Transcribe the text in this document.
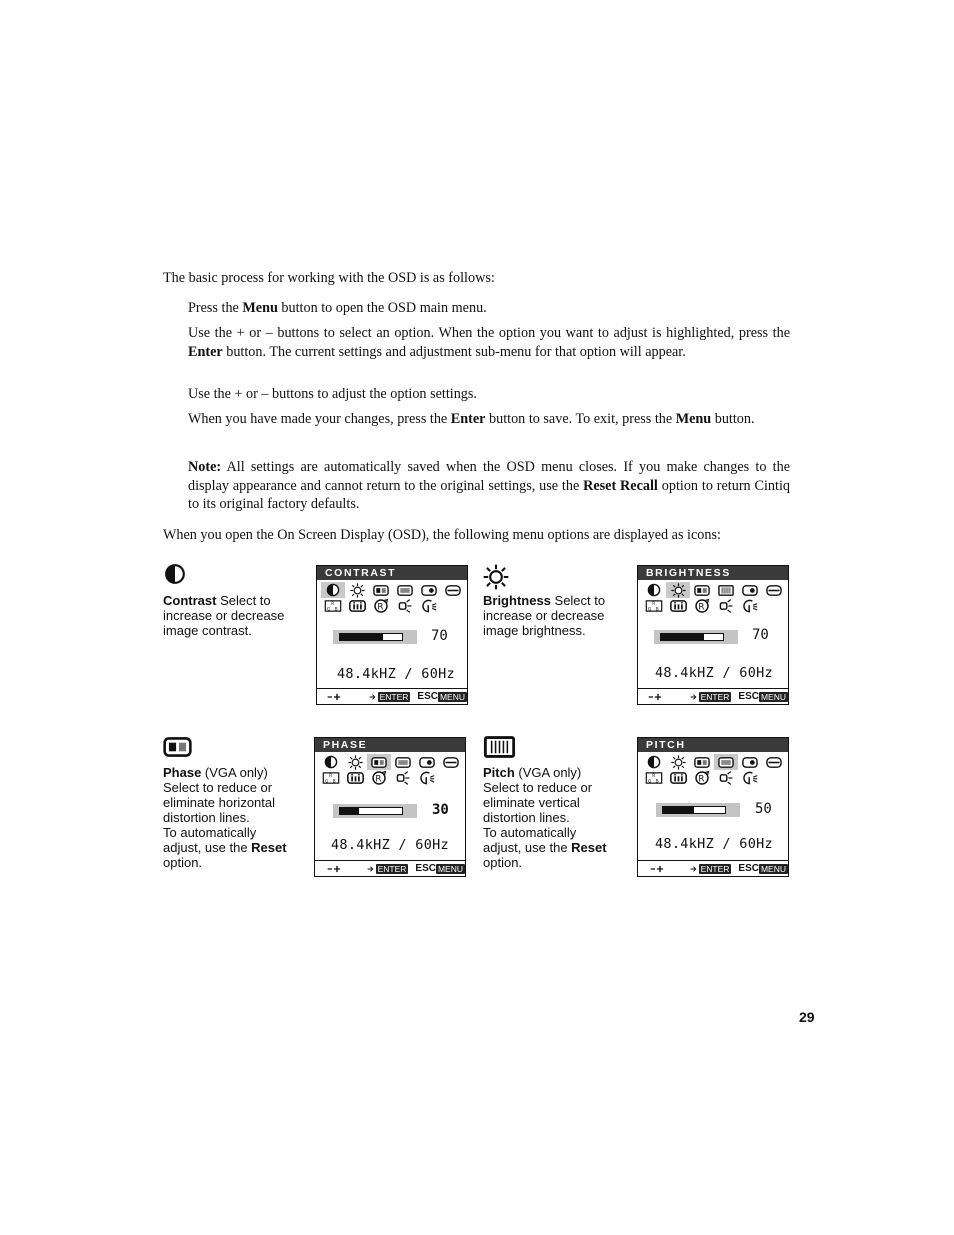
The basic process for working with the OSD is as follows:
Press the Menu button to open the OSD main menu.
Use the + or – buttons to select an option. When the option you want to adjust is highlighted, press the Enter button. The current settings and adjustment sub-menu for that option will appear.
Use the + or – buttons to adjust the option settings.
When you have made your changes, press the Enter button to save. To exit, press the Menu button.
Note: All settings are automatically saved when the OSD menu closes. If you make changes to the display appearance and cannot return to the original settings, use the Reset Recall option to return Cintiq to its original factory defaults.
When you open the On Screen Display (OSD), the following menu options are displayed as icons:
Contrast Select to increase or decrease image contrast.
CONTRAST
70
48.4kHZ / 60Hz
ENTER ESC MENU
Brightness Select to increase or decrease image brightness.
BRIGHTNESS
70
48.4kHZ / 60Hz
ENTER ESC MENU
Phase (VGA only)
Select to reduce or eliminate horizontal distortion lines.
To automatically adjust, use the Reset option.
PHASE
30
48.4kHZ / 60Hz
ENTER ESC MENU
Pitch (VGA only)
Select to reduce or eliminate vertical distortion lines.
To automatically adjust, use the Reset option.
PITCH
50
48.4kHZ / 60Hz
ENTER ESC MENU
29
